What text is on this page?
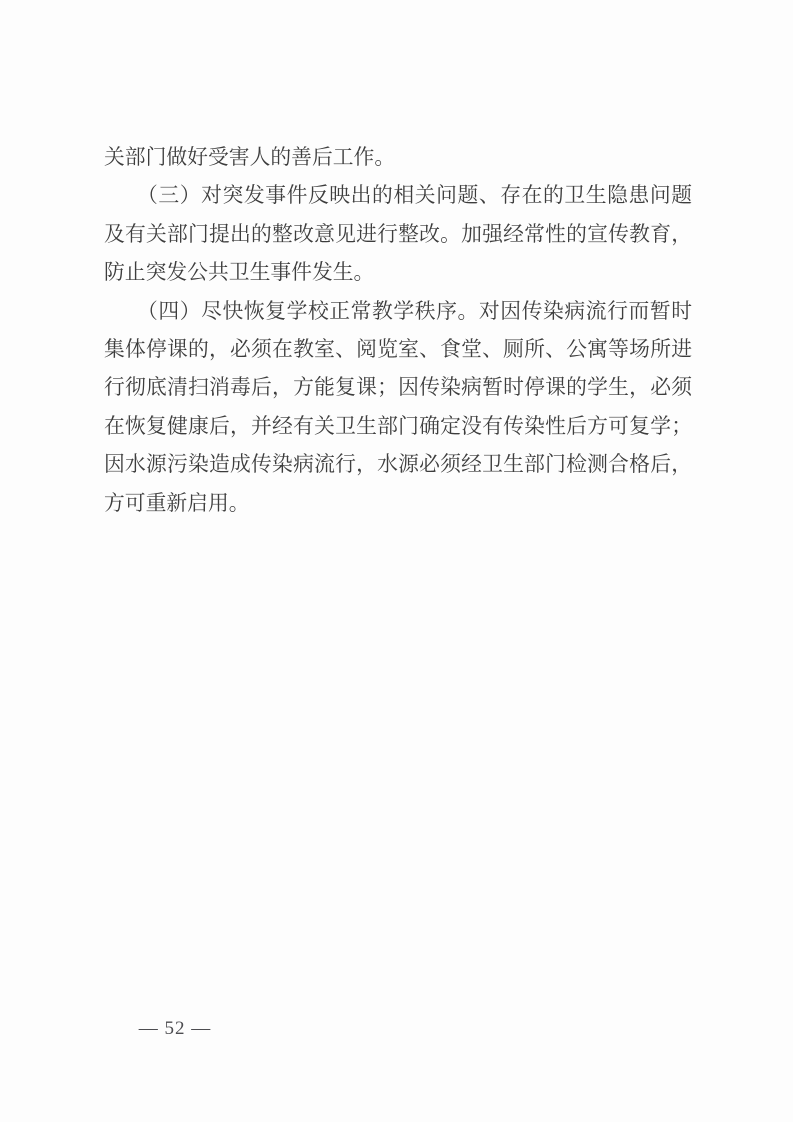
关部门做好受害人的善后工作。
（三）对突发事件反映出的相关问题、存在的卫生隐患问题
及有关部门提出的整改意见进行整改。加强经常性的宣传教育，
防止突发公共卫生事件发生。
（四）尽快恢复学校正常教学秩序。对因传染病流行而暂时
集体停课的，必须在教室、阅览室、食堂、厕所、公寓等场所进
行彻底清扫消毒后，方能复课；因传染病暂时停课的学生，必须
在恢复健康后，并经有关卫生部门确定没有传染性后方可复学；
因水源污染造成传染病流行，水源必须经卫生部门检测合格后，
方可重新启用。
— 52 —
